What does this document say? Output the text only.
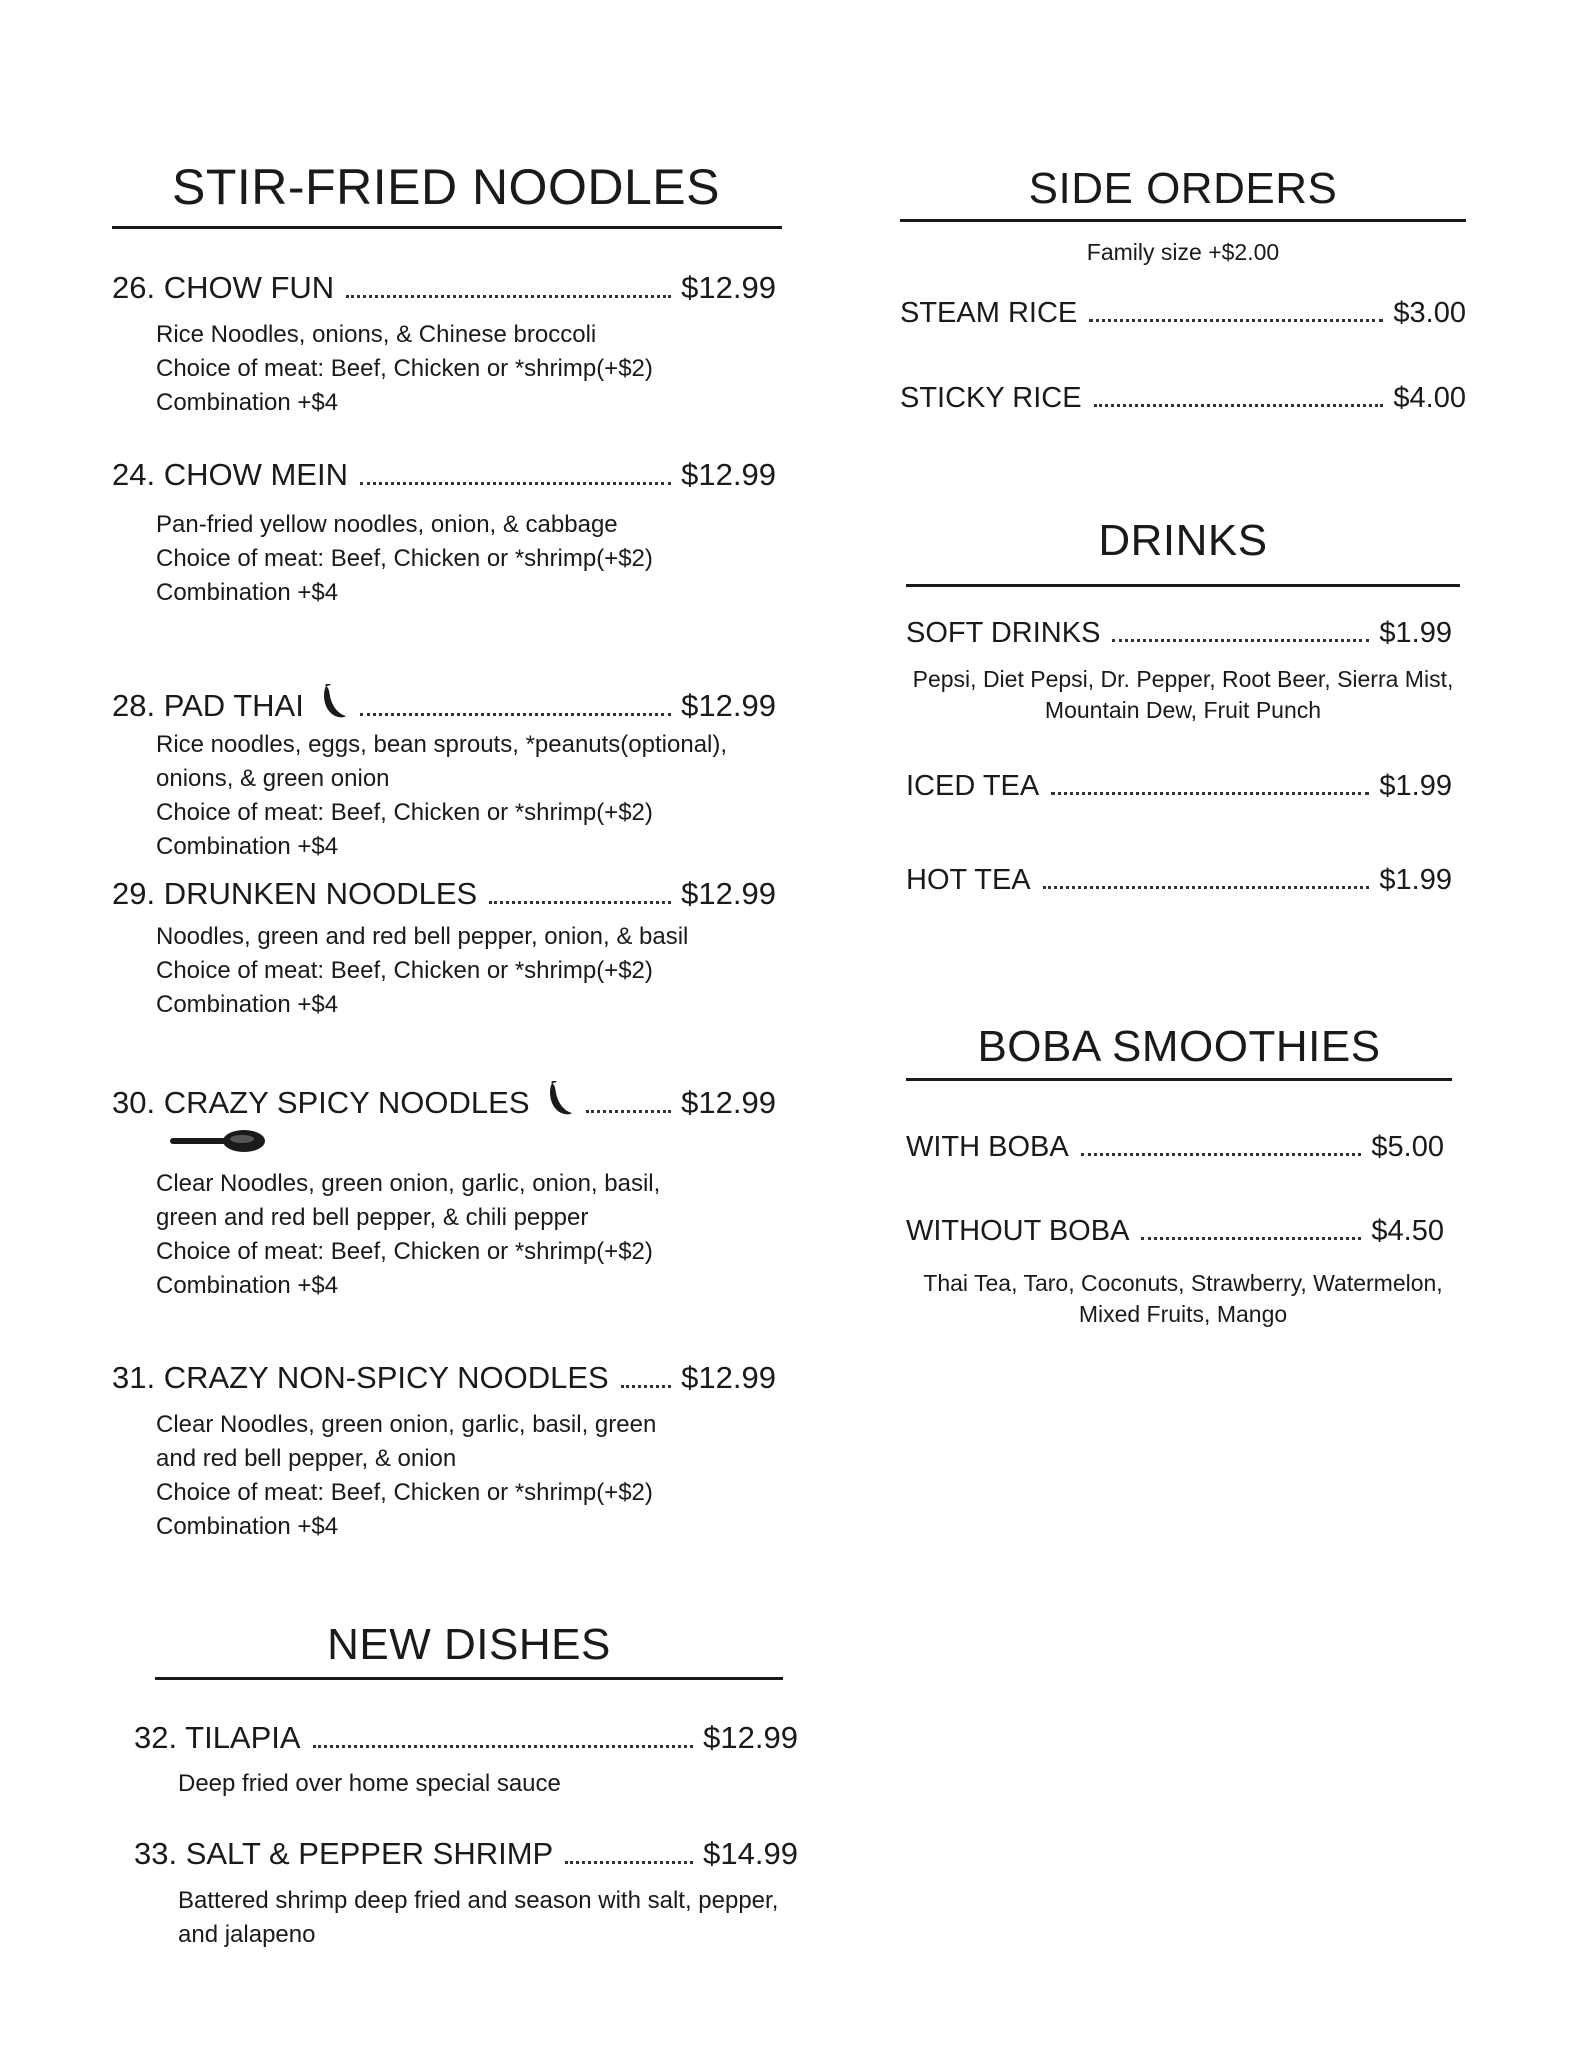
STIR-FRIED NOODLES
26. CHOW FUN	$12.99
Rice Noodles, onions, & Chinese broccoli
Choice of meat: Beef, Chicken or *shrimp(+$2)
Combination +$4
24. CHOW MEIN	$12.99
Pan-fried yellow noodles, onion, & cabbage
Choice of meat: Beef, Chicken or *shrimp(+$2)
Combination +$4
28. PAD THAI	$12.99
Rice noodles, eggs, bean sprouts, *peanuts(optional),
onions, & green onion
Choice of meat: Beef, Chicken or *shrimp(+$2)
Combination +$4
29. DRUNKEN NOODLES	$12.99
Noodles, green and red bell pepper, onion, & basil
Choice of meat: Beef, Chicken or *shrimp(+$2)
Combination +$4
30. CRAZY SPICY NOODLES	$12.99
Clear Noodles, green onion, garlic, onion, basil,
green and red bell pepper, & chili pepper
Choice of meat: Beef, Chicken or *shrimp(+$2)
Combination +$4
31. CRAZY NON-SPICY NOODLES $12.99
Clear Noodles, green onion, garlic, basil, green
and red bell pepper, & onion
Choice of meat: Beef, Chicken or *shrimp(+$2)
Combination +$4
NEW DISHES
32. TILAPIA	$12.99
Deep fried over home special sauce
33. SALT & PEPPER SHRIMP	$14.99
Battered shrimp deep fried and season with salt, pepper,
and jalapeno
SIDE ORDERS
Family size +$2.00
STEAM RICE	$3.00
STICKY RICE	$4.00
DRINKS
SOFT DRINKS	$1.99
Pepsi, Diet Pepsi, Dr. Pepper, Root Beer, Sierra Mist,
Mountain Dew, Fruit Punch
ICED TEA	$1.99
HOT TEA	$1.99
BOBA SMOOTHIES
WITH BOBA	$5.00
WITHOUT BOBA	$4.50
Thai Tea, Taro, Coconuts, Strawberry, Watermelon,
Mixed Fruits, Mango
